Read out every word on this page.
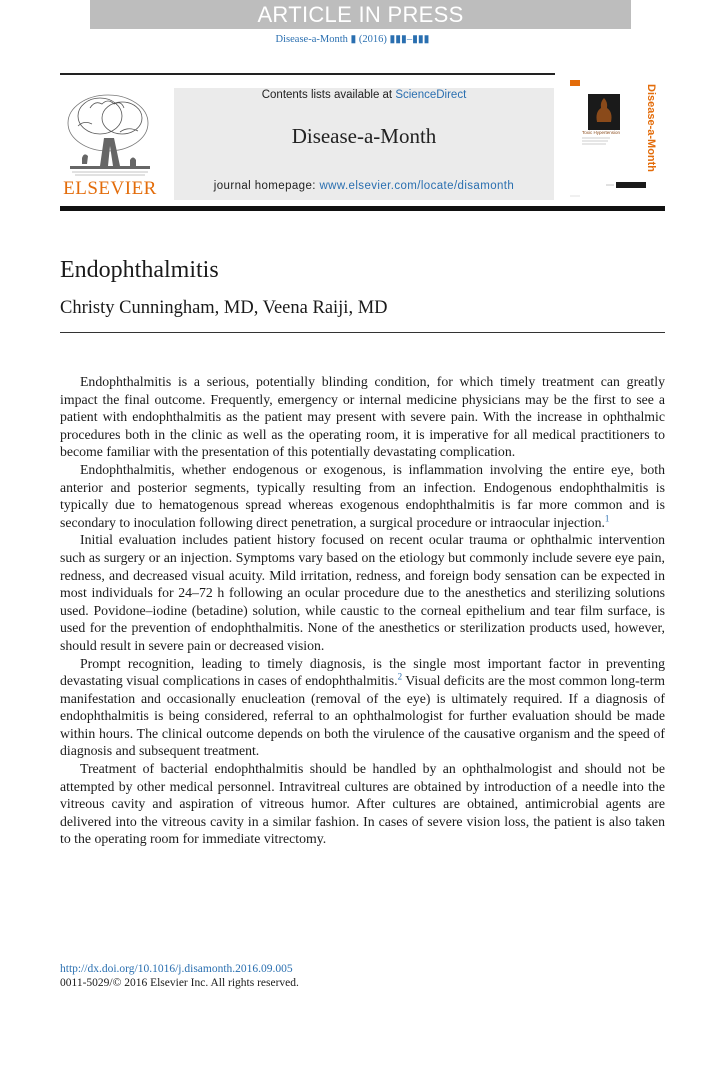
ARTICLE IN PRESS
Disease-a-Month ▮ (2016) ▮▮▮–▮▮▮
ELSEVIER
Contents lists available at ScienceDirect
Disease-a-Month
journal homepage: www.elsevier.com/locate/disamonth
Toxic Hypertension Disease-a-Month
Endophthalmitis
Christy Cunningham, MD, Veena Raiji, MD

Endophthalmitis is a serious, potentially blinding condition, for which timely treatment can greatly impact the final outcome. Frequently, emergency or internal medicine physicians may be the first to see a patient with endophthalmitis as the patient may present with severe pain. With the increase in ophthalmic procedures both in the clinic as well as the operating room, it is imperative for all medical practitioners to become familiar with the presentation of this potentially devastating complication.

Endophthalmitis, whether endogenous or exogenous, is inflammation involving the entire eye, both anterior and posterior segments, typically resulting from an infection. Endogenous endophthalmitis is typically due to hematogenous spread whereas exogenous endophthalmitis is far more common and is secondary to inoculation following direct penetration, a surgical procedure or intraocular injection.$^1$

Initial evaluation includes patient history focused on recent ocular trauma or ophthalmic intervention such as surgery or an injection. Symptoms vary based on the etiology but commonly include severe eye pain, redness, and decreased visual acuity. Mild irritation, redness, and foreign body sensation can be expected in most individuals for 24–72 h following an ocular procedure due to the anesthetics and sterilizing solutions used. Povidone–iodine (betadine) solution, while caustic to the corneal epithelium and tear film surface, is used for the prevention of endophthalmitis. None of the anesthetics or sterilization products used, however, should result in severe pain or decreased vision.

Prompt recognition, leading to timely diagnosis, is the single most important factor in preventing devastating visual complications in cases of endophthalmitis.$^2$ Visual deficits are the most common long-term manifestation and occasionally enucleation (removal of the eye) is ultimately required. If a diagnosis of endophthalmitis is being considered, referral to an ophthalmologist for further evaluation should be made within hours. The clinical outcome depends on both the virulence of the causative organism and the speed of diagnosis and subsequent treatment.

Treatment of bacterial endophthalmitis should be handled by an ophthalmologist and should not be attempted by other medical personnel. Intravitreal cultures are obtained by introduction of a needle into the vitreous cavity and aspiration of vitreous humor. After cultures are obtained, antimicrobial agents are delivered into the vitreous cavity in a similar fashion. In cases of severe vision loss, the patient is also taken to the operating room for immediate vitrectomy.

http://dx.doi.org/10.1016/j.disamonth.2016.09.005
0011-5029/© 2016 Elsevier Inc. All rights reserved.
